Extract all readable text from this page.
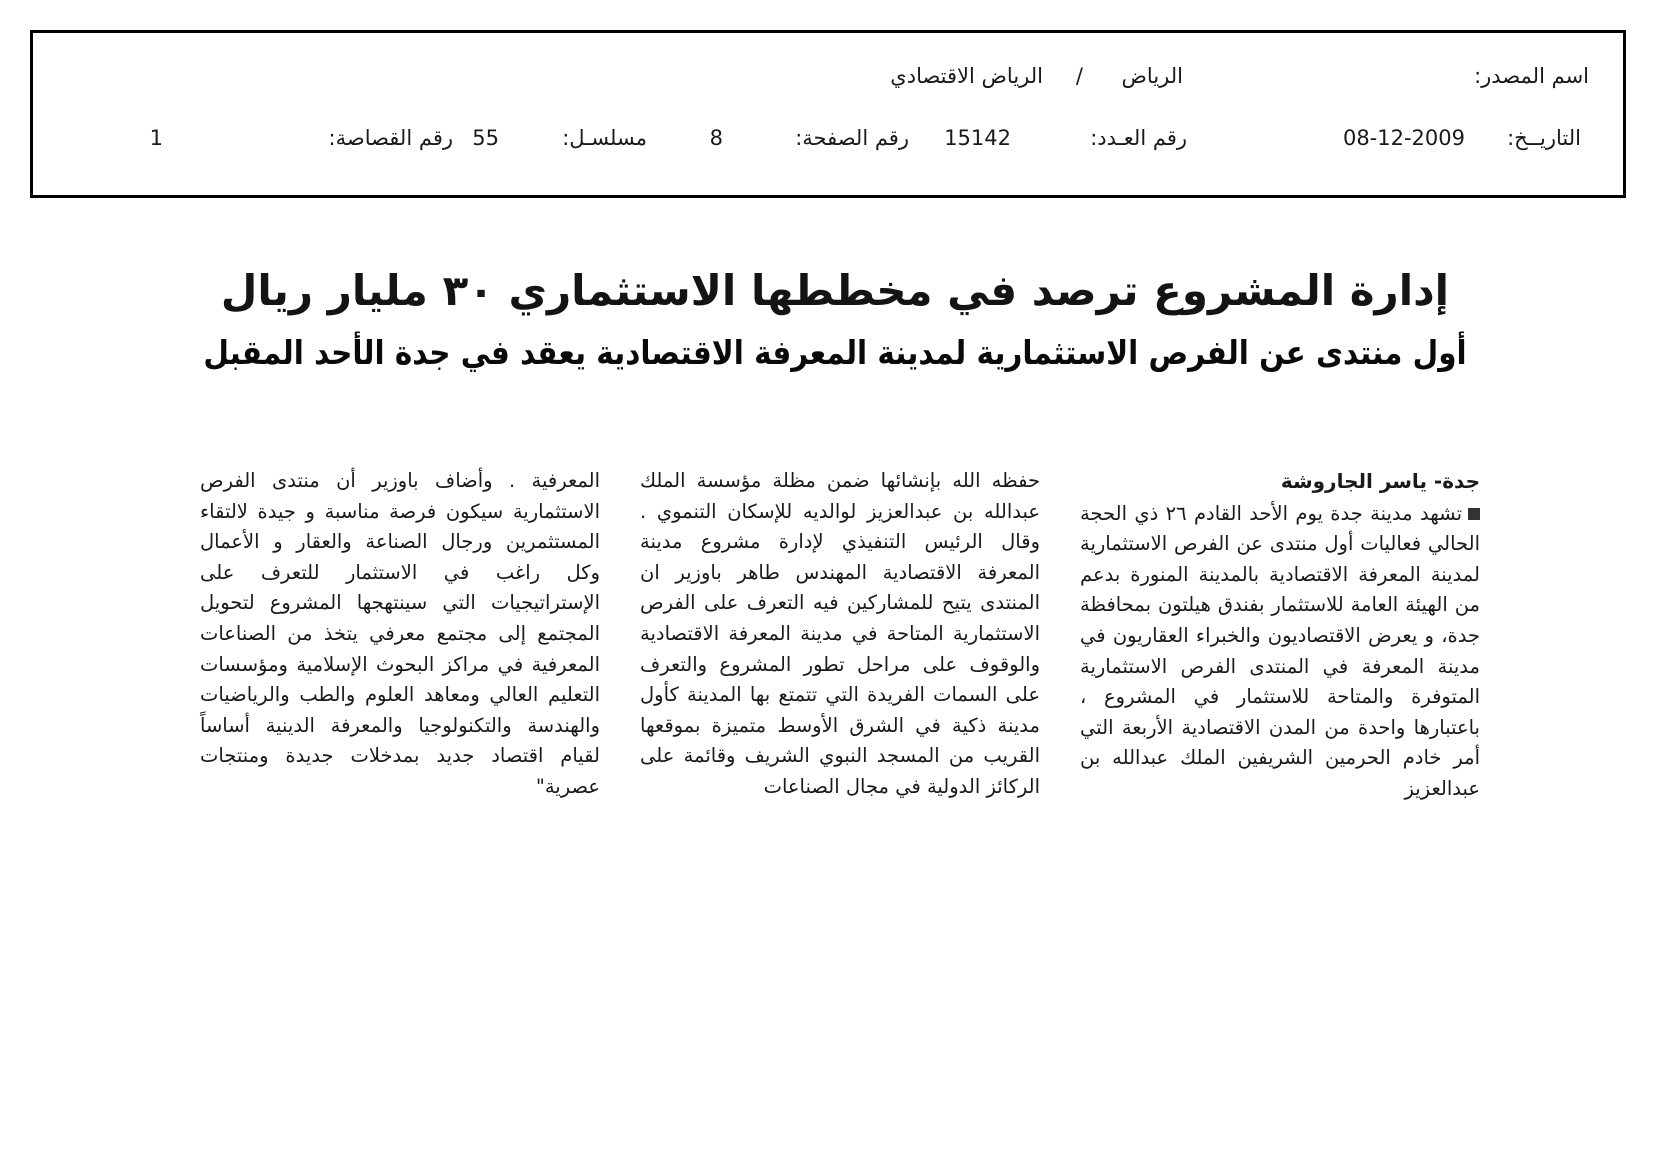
اسم المصدر:
الرياض
/
الرياض الاقتصادي
التاريــخ:
08-12-2009
رقم العـدد:
15142
رقم الصفحة:
8
مسلسـل:
55
رقم القصاصة:
1
إدارة المشروع ترصد في مخططها الاستثماري ٣٠ مليار ريال
أول منتدى عن الفرص الاستثمارية لمدينة المعرفة الاقتصادية يعقد في جدة الأحد المقبل
جدة- ياسر الجاروشة
تشهد مدينة جدة يوم الأحد القادم ٢٦ ذي الحجة الحالي فعاليات أول منتدى عن الفرص الاستثمارية لمدينة المعرفة الاقتصادية بالمدينة المنورة بدعم من الهيئة العامة للاستثمار بفندق هيلتون بمحافظة جدة، و يعرض الاقتصاديون والخبراء العقاريون في مدينة المعرفة في المنتدى الفرص الاستثمارية المتوفرة والمتاحة للاستثمار في المشروع ، باعتبارها واحدة من المدن الاقتصادية الأربعة التي أمر خادم الحرمين الشريفين الملك عبدالله بن عبدالعزيز
حفظه الله بإنشائها ضمن مظلة مؤسسة الملك عبدالله بن عبدالعزيز لوالديه للإسكان التنموي . وقال الرئيس التنفيذي لإدارة مشروع مدينة المعرفة الاقتصادية المهندس طاهر باوزير ان المنتدى يتيح للمشاركين فيه التعرف على الفرص الاستثمارية المتاحة في مدينة المعرفة الاقتصادية والوقوف على مراحل تطور المشروع والتعرف على السمات الفريدة التي تتمتع بها المدينة كأول مدينة ذكية في الشرق الأوسط متميزة بموقعها القريب من المسجد النبوي الشريف وقائمة على الركائز الدولية في مجال الصناعات
المعرفية . وأضاف باوزير أن منتدى الفرص الاستثمارية سيكون فرصة مناسبة و جيدة لالتقاء المستثمرين ورجال الصناعة والعقار و الأعمال وكل راغب في الاستثمار للتعرف على الإستراتيجيات التي سينتهجها المشروع لتحويل المجتمع إلى مجتمع معرفي يتخذ من الصناعات المعرفية في مراكز البحوث الإسلامية ومؤسسات التعليم العالي ومعاهد العلوم والطب والرياضيات والهندسة والتكنولوجيا والمعرفة الدينية أساساً لقيام اقتصاد جديد بمدخلات جديدة ومنتجات عصرية"
